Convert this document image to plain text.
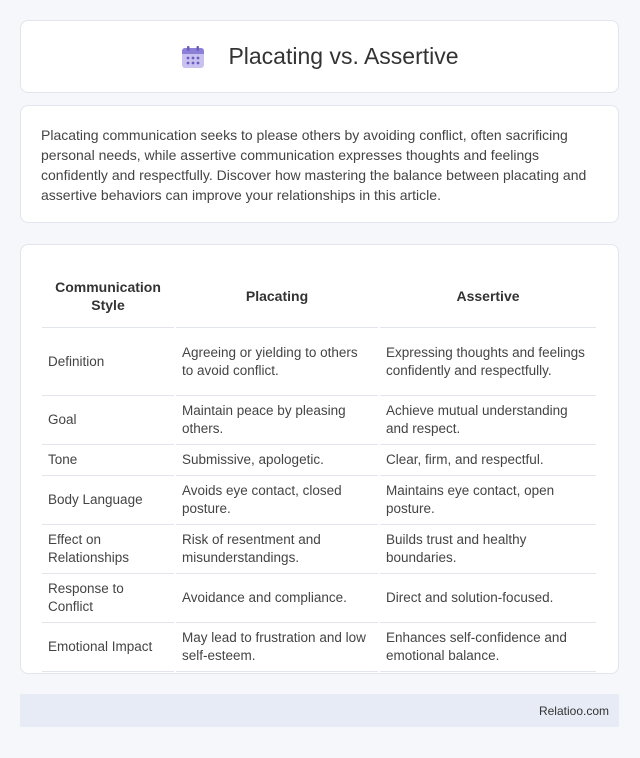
Placating vs. Assertive

Placating communication seeks to please others by avoiding conflict, often sacrificing personal needs, while assertive communication expresses thoughts and feelings confidently and respectfully. Discover how mastering the balance between placating and assertive behaviors can improve your relationships in this article.

Communication Style	Placating	Assertive
Definition	Agreeing or yielding to others to avoid conflict.	Expressing thoughts and feelings confidently and respectfully.
Goal	Maintain peace by pleasing others.	Achieve mutual understanding and respect.
Tone	Submissive, apologetic.	Clear, firm, and respectful.
Body Language	Avoids eye contact, closed posture.	Maintains eye contact, open posture.
Effect on Relationships	Risk of resentment and misunderstandings.	Builds trust and healthy boundaries.
Response to Conflict	Avoidance and compliance.	Direct and solution-focused.
Emotional Impact	May lead to frustration and low self-esteem.	Enhances self-confidence and emotional balance.
Relatioo.com
